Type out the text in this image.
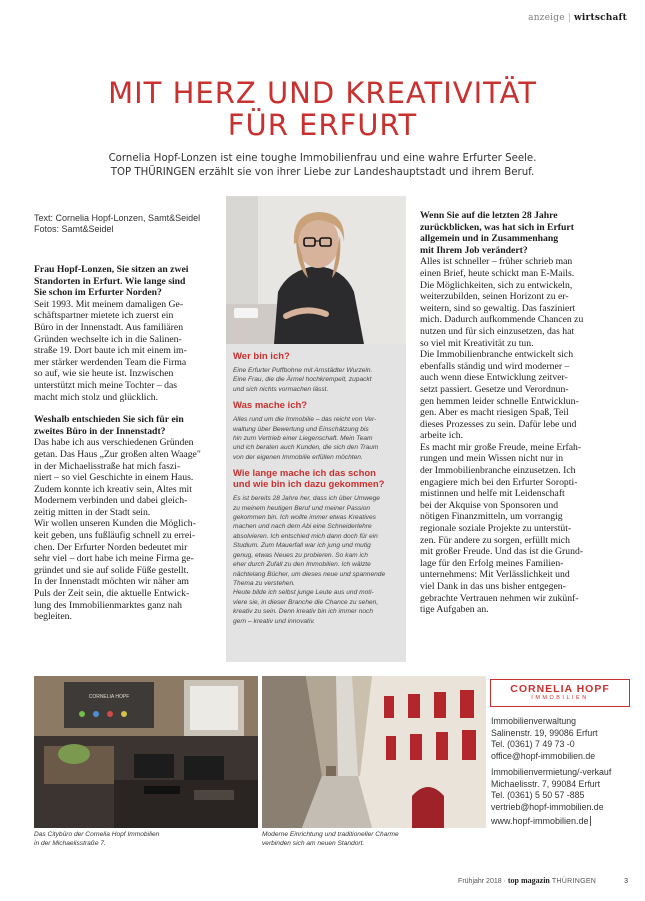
anzeige | wirtschaft
MIT HERZ UND KREATIVITÄT
FÜR ERFURT
Cornelia Hopf-Lonzen ist eine toughe Immobilienfrau und eine wahre Erfurter Seele.
TOP THÜRINGEN erzählt sie von ihrer Liebe zur Landeshauptstadt und ihrem Beruf.
Text: Cornelia Hopf-Lonzen, Samt&Seidel
Fotos: Samt&Seidel
Frau Hopf-Lonzen, Sie sitzen an zwei
Standorten in Erfurt. Wie lange sind
Sie schon im Erfurter Norden?
Seit 1993. Mit meinem damaligen Ge-
schäftspartner mietete ich zuerst ein
Büro in der Innenstadt. Aus familiären
Gründen wechselte ich in die Salinen-
straße 19. Dort baute ich mit einem im-
mer stärker werdenden Team die Firma
so auf, wie sie heute ist. Inzwischen
unterstützt mich meine Tochter – das
macht mich stolz und glücklich.
Weshalb entschieden Sie sich für ein
zweites Büro in der Innenstadt?
Das habe ich aus verschiedenen Gründen
getan. Das Haus „Zur großen alten Waage"
in der Michaelisstraße hat mich faszi-
niert – so viel Geschichte in einem Haus.
Zudem konnte ich kreativ sein, Altes mit
Modernem verbinden und dabei gleich-
zeitig mitten in der Stadt sein.
Wir wollen unseren Kunden die Möglich-
keit geben, uns fußläufig schnell zu errei-
chen. Der Erfurter Norden bedeutet mir
sehr viel – dort habe ich meine Firma ge-
gründet und sie auf solide Füße gestellt.
In der Innenstadt möchten wir näher am
Puls der Zeit sein, die aktuelle Entwick-
lung des Immobilienmarktes ganz nah
begleiten.
Wer bin ich?
Eine Erfurter Puffbohne mit Arnstädter Wurzeln.
Eine Frau, die die Ärmel hochkrempelt, zupackt
und sich nichts vormachen lässt.
Was mache ich?
Alles rund um die Immobilie – das reicht von Ver-
waltung über Bewertung und Einschätzung bis
hin zum Vertrieb einer Liegenschaft. Mein Team
und ich beraten auch Kunden, die sich den Traum
von der eigenen Immobilie erfüllen möchten.
Wie lange mache ich das schon
und wie bin ich dazu gekommen?
Es ist bereits 28 Jahre her, dass ich über Umwege
zu meinem heutigen Beruf und meiner Passion
gekommen bin. Ich wollte immer etwas Kreatives
machen und nach dem Abi eine Schneiderlehre
absolvieren. Ich entschied mich dann doch für ein
Studium. Zum Mauerfall war ich jung und mutig
genug, etwas Neues zu probieren. So kam ich
eher durch Zufall zu den Immobilien. Ich wälzte
nächtelang Bücher, um dieses neue und spannende
Thema zu verstehen.
Heute bilde ich selbst junge Leute aus und moti-
viere sie, in dieser Branche die Chance zu sehen,
kreativ zu sein. Denn kreativ bin ich immer noch
gern – kreativ und innovativ.
Wenn Sie auf die letzten 28 Jahre
zurückblicken, was hat sich in Erfurt
allgemein und in Zusammenhang
mit Ihrem Job verändert?
Alles ist schneller – früher schrieb man
einen Brief, heute schickt man E-Mails.
Die Möglichkeiten, sich zu entwickeln,
weiterzubilden, seinen Horizont zu er-
weitern, sind so gewaltig. Das fasziniert
mich. Dadurch aufkommende Chancen zu
nutzen und für sich einzusetzen, das hat
so viel mit Kreativität zu tun.
Die Immobilienbranche entwickelt sich
ebenfalls ständig und wird moderner –
auch wenn diese Entwicklung zeitver-
setzt passiert. Gesetze und Verordnun-
gen hemmen leider schnelle Entwicklun-
gen. Aber es macht riesigen Spaß, Teil
dieses Prozesses zu sein. Dafür lebe und
arbeite ich.
Es macht mir große Freude, meine Erfah-
rungen und mein Wissen nicht nur in
der Immobilienbranche einzusetzen. Ich
engagiere mich bei den Erfurter Soropti-
mistinnen und helfe mit Leidenschaft
bei der Akquise von Sponsoren und
nötigen Finanzmitteln, um vorrangig
regionale soziale Projekte zu unterstüt-
zen. Für andere zu sorgen, erfüllt mich
mit großer Freude. Und das ist die Grund-
lage für den Erfolg meines Familien-
unternehmens: Mit Verlässlichkeit und
viel Dank in das uns bisher entgegen-
gebrachte Vertrauen nehmen wir zukünf-
tige Aufgaben an.
CORNELIA HOPF
Das Citybüro der Cornelia Hopf Immobilien
in der Michaelisstraße 7.
Moderne Einrichtung und traditioneller Charme
verbinden sich am neuen Standort.
CORNELIA HOPF
IMMOBILIEN
Immobilienverwaltung
Salinenstr. 19, 99086 Erfurt
Tel. (0361) 7 49 73 -0
office@hopf-immobilien.de
Immobilienvermietung/-verkauf
Michaelisstr. 7, 99084 Erfurt
Tel. (0361) 5 50 57 -885
vertrieb@hopf-immobilien.de
www.hopf-immobilien.de
Frühjahr 2018 · top magazin THÜRINGEN	3
